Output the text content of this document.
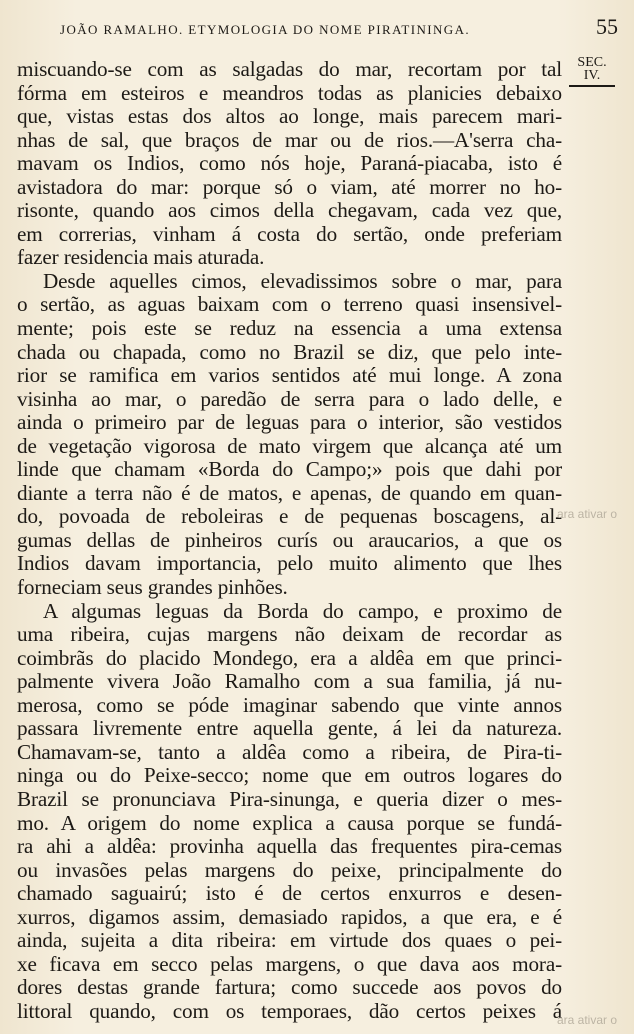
JOÃO RAMALHO. ETYMOLOGIA DO NOME PIRATININGA.	55
SEC.
IV.
miscuando-se com as salgadas do mar, recortam por tal
fórma em esteiros e meandros todas as planicies debaixo
que, vistas estas dos altos ao longe, mais parecem mari-
nhas de sal, que braços de mar ou de rios.—A'serra cha-
mavam os Indios, como nós hoje, Paraná-piacaba, isto é
avistadora do mar: porque só o viam, até morrer no ho-
risonte, quando aos cimos della chegavam, cada vez que,
em correrias, vinham á costa do sertão, onde preferiam
fazer residencia mais aturada.
Desde aquelles cimos, elevadissimos sobre o mar, para
o sertão, as aguas baixam com o terreno quasi insensivel-
mente; pois este se reduz na essencia a uma extensa
chada ou chapada, como no Brazil se diz, que pelo inte-
rior se ramifica em varios sentidos até mui longe. A zona
visinha ao mar, o paredão de serra para o lado delle, e
ainda o primeiro par de leguas para o interior, são vestidos
de vegetação vigorosa de mato virgem que alcança até um
linde que chamam «Borda do Campo;» pois que dahi por
diante a terra não é de matos, e apenas, de quando em quan-
do, povoada de reboleiras e de pequenas boscagens, al-
gumas dellas de pinheiros curís ou araucarios, a que os
Indios davam importancia, pelo muito alimento que lhes
forneciam seus grandes pinhões.
A algumas leguas da Borda do campo, e proximo de
uma ribeira, cujas margens não deixam de recordar as
coimbrãs do placido Mondego, era a aldêa em que princi-
palmente vivera João Ramalho com a sua familia, já nu-
merosa, como se póde imaginar sabendo que vinte annos
passara livremente entre aquella gente, á lei da natureza.
Chamavam-se, tanto a aldêa como a ribeira, de Pira-ti-
ninga ou do Peixe-secco; nome que em outros logares do
Brazil se pronunciava Pira-sinunga, e queria dizer o mes-
mo. A origem do nome explica a causa porque se fundá-
ra ahi a aldêa: provinha aquella das frequentes pira-cemas
ou invasões pelas margens do peixe, principalmente do
chamado saguairú; isto é de certos enxurros e desen-
xurros, digamos assim, demasiado rapidos, a que era, e é
ainda, sujeita a dita ribeira: em virtude dos quaes o pei-
xe ficava em secco pelas margens, o que dava aos mora-
dores destas grande fartura; como succede aos povos do
littoral quando, com os temporaes, dão certos peixes á
ara ativar o
ara ativar o
